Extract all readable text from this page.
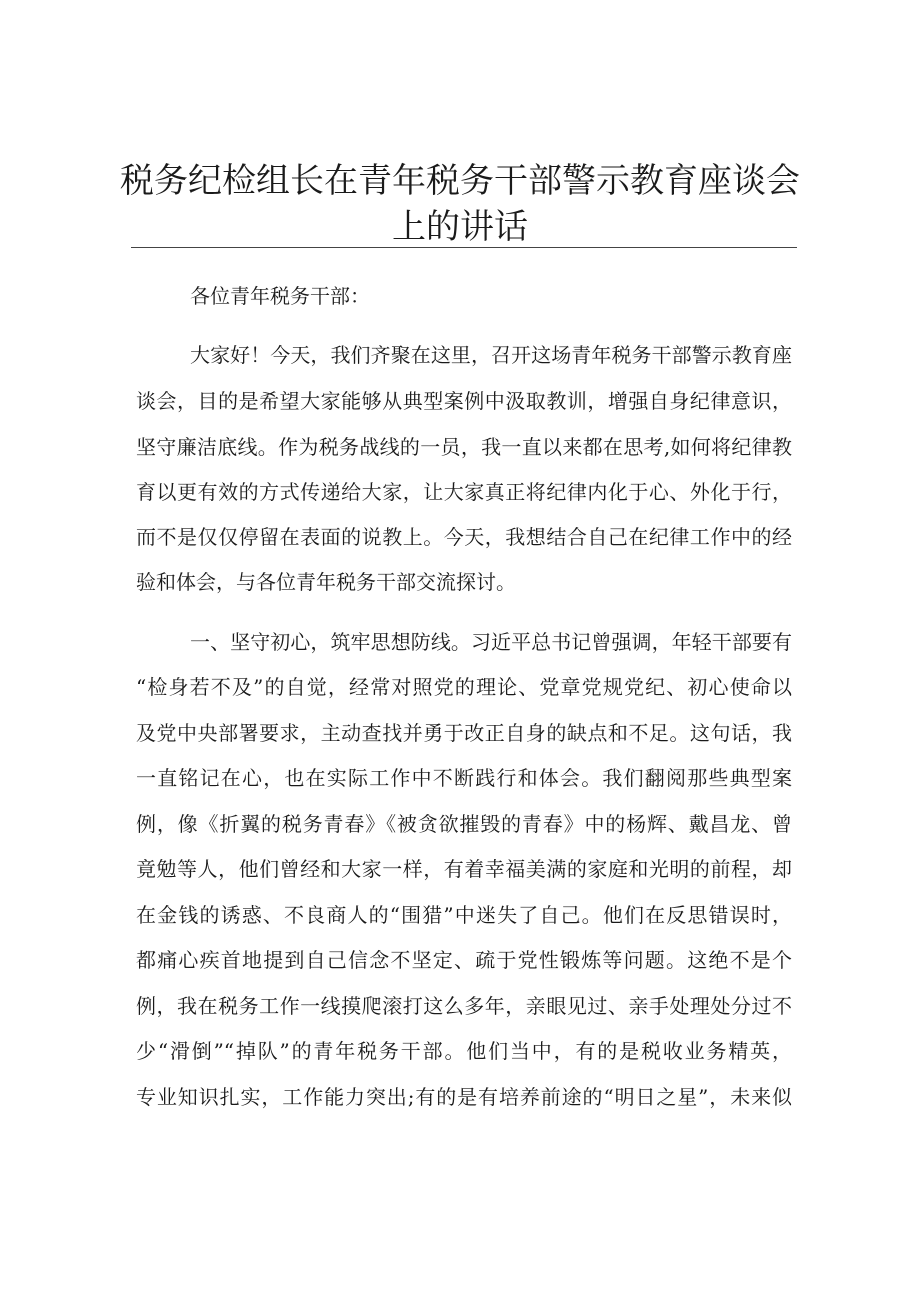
税务纪检组长在青年税务干部警示教育座谈会
上的讲话
各位青年税务干部：
大家好！今天，我们齐聚在这里，召开这场青年税务干部警示教育座
谈会，目的是希望大家能够从典型案例中汲取教训，增强自身纪律意识，
坚守廉洁底线。作为税务战线的一员，我一直以来都在思考,如何将纪律教
育以更有效的方式传递给大家，让大家真正将纪律内化于心、外化于行，
而不是仅仅停留在表面的说教上。今天，我想结合自己在纪律工作中的经
验和体会，与各位青年税务干部交流探讨。
一、坚守初心，筑牢思想防线。习近平总书记曾强调，年轻干部要有
“检身若不及”的自觉，经常对照党的理论、党章党规党纪、初心使命以
及党中央部署要求，主动查找并勇于改正自身的缺点和不足。这句话，我
一直铭记在心，也在实际工作中不断践行和体会。我们翻阅那些典型案
例，像《折翼的税务青春》《被贪欲摧毁的青春》中的杨辉、戴昌龙、曾
竟勉等人，他们曾经和大家一样，有着幸福美满的家庭和光明的前程，却
在金钱的诱惑、不良商人的“围猎”中迷失了自己。他们在反思错误时，
都痛心疾首地提到自己信念不坚定、疏于党性锻炼等问题。这绝不是个
例，我在税务工作一线摸爬滚打这么多年，亲眼见过、亲手处理处分过不
少“滑倒”“掉队”的青年税务干部。他们当中，有的是税收业务精英，
专业知识扎实，工作能力突出;有的是有培养前途的“明日之星”，未来似
